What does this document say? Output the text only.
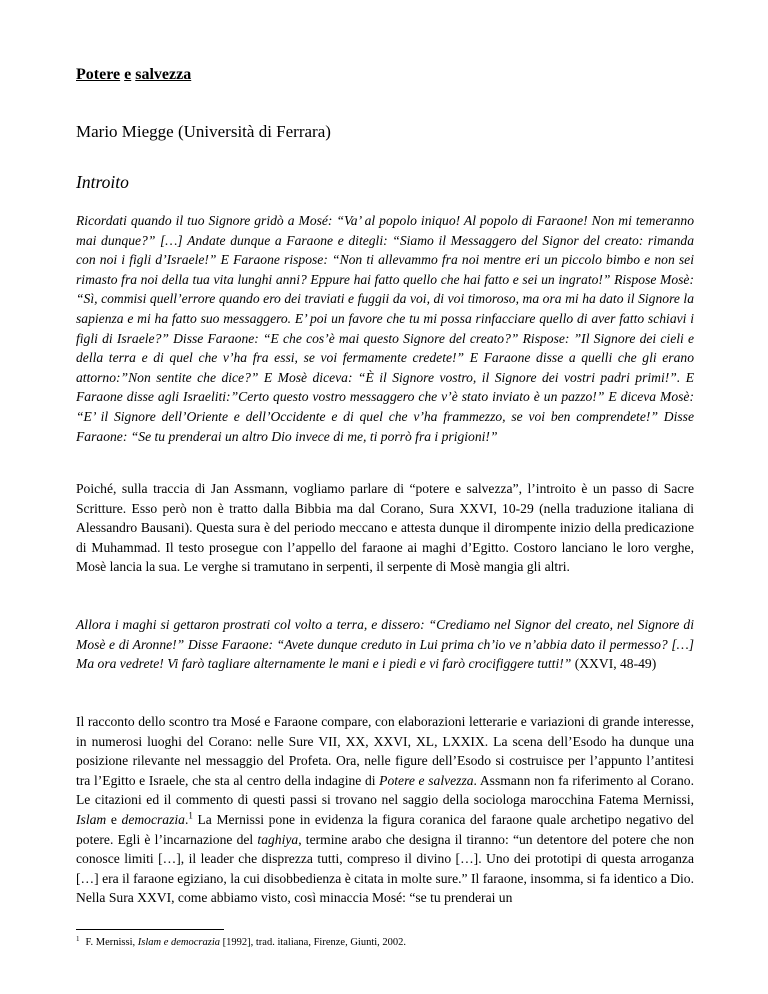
Potere e salvezza

Mario Miegge (Università di Ferrara)

Introito

Ricordati quando il tuo Signore gridò a Mosé: “Va’ al popolo iniquo! Al popolo di Faraone! Non mi temeranno mai dunque?” […] Andate dunque a Faraone e ditegli: “Siamo il Messaggero del Signor del creato: rimanda con noi i figli d’Israele!” E Faraone rispose: “Non ti allevammo fra noi mentre eri un piccolo bimbo e non sei rimasto fra noi della tua vita lunghi anni? Eppure hai fatto quello che hai fatto e sei un ingrato!” Rispose Mosè: “Sì, commisi quell’errore quando ero dei traviati e fuggii da voi, di voi timoroso, ma ora mi ha dato il Signore la sapienza e mi ha fatto suo messaggero. E’ poi un favore che tu mi possa rinfacciare quello di aver fatto schiavi i figli di Israele?” Disse Faraone: “E che cos’è mai questo Signore del creato?” Rispose: ”Il Signore dei cieli e della terra e di quel che v’ha fra essi, se voi fermamente credete!” E Faraone disse a quelli che gli erano attorno:”Non sentite che dice?” E Mosè diceva: “È il Signore vostro, il Signore dei vostri padri primi!”. E Faraone disse agli Israeliti:”Certo questo vostro messaggero che v’è stato inviato è un pazzo!” E diceva Mosè: “E’ il Signore dell’Oriente e dell’Occidente e di quel che v’ha frammezzo, se voi ben comprendete!” Disse Faraone: “Se tu prenderai un altro Dio invece di me, ti porrò fra i prigioni!”

Poiché, sulla traccia di Jan Assmann, vogliamo parlare di “potere e salvezza”, l’introito è un passo di Sacre Scritture. Esso però non è tratto dalla Bibbia ma dal Corano, Sura XXVI, 10-29 (nella traduzione italiana di Alessandro Bausani). Questa sura è del periodo meccano e attesta dunque il dirompente inizio della predicazione di Muhammad. Il testo prosegue con l’appello del faraone ai maghi d’Egitto. Costoro lanciano le loro verghe, Mosè lancia la sua. Le verghe si tramutano in serpenti, il serpente di Mosè mangia gli altri.

Allora i maghi si gettaron prostrati col volto a terra, e dissero: “Crediamo nel Signor del creato, nel Signore di Mosè e di Aronne!” Disse Faraone: “Avete dunque creduto in Lui prima ch’io ve n’abbia dato il permesso? […] Ma ora vedrete! Vi farò tagliare alternamente le mani e i piedi e vi farò crocifiggere tutti!” (XXVI, 48-49)

Il racconto dello scontro tra Mosé e Faraone compare, con elaborazioni letterarie e variazioni di grande interesse, in numerosi luoghi del Corano: nelle Sure VII, XX, XXVI, XL, LXXIX. La scena dell’Esodo ha dunque una posizione rilevante nel messaggio del Profeta. Ora, nelle figure dell’Esodo si costruisce per l’appunto l’antitesi tra l’Egitto e Israele, che sta al centro della indagine di Potere e salvezza. Assmann non fa riferimento al Corano. Le citazioni ed il commento di questi passi si trovano nel saggio della sociologa marocchina Fatema Mernissi, Islam e democrazia.$^1$ La Mernissi pone in evidenza la figura coranica del faraone quale archetipo negativo del potere. Egli è l’incarnazione del taghiya, termine arabo che designa il tiranno: “un detentore del potere che non conosce limiti […], il leader che disprezza tutti, compreso il divino […]. Uno dei prototipi di questa arroganza […] era il faraone egiziano, la cui disobbedienza è citata in molte sure.” Il faraone, insomma, si fa identico a Dio. Nella Sura XXVI, come abbiamo visto, così minaccia Mosé: “se tu prenderai un

$^1$ F. Mernissi, Islam e democrazia [1992], trad. italiana, Firenze, Giunti, 2002.
